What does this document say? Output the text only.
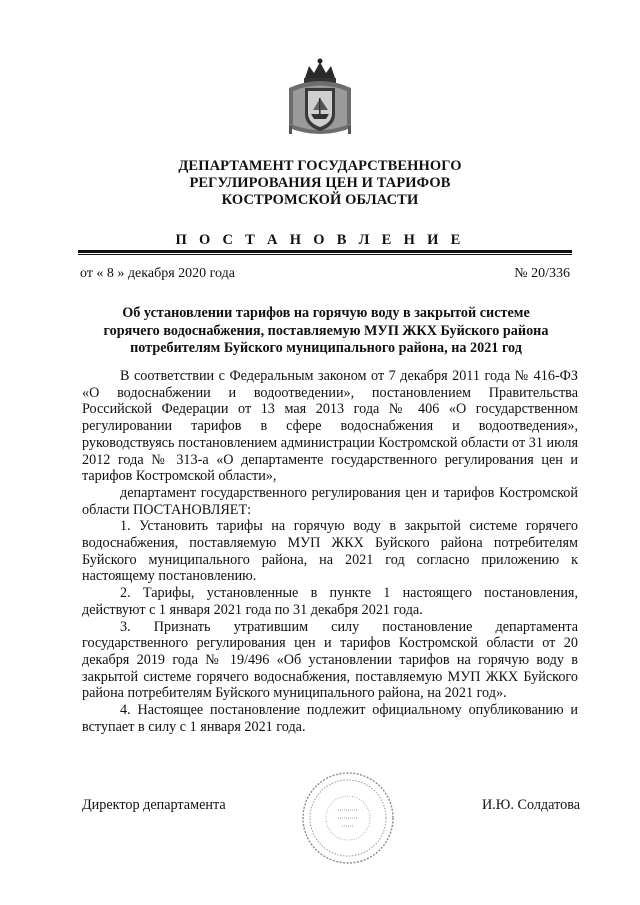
ДЕПАРТАМЕНТ ГОСУДАРСТВЕННОГО
РЕГУЛИРОВАНИЯ ЦЕН И ТАРИФОВ
КОСТРОМСКОЙ ОБЛАСТИ
П О С Т А Н О В Л Е Н И Е
от « 8 » декабря 2020 года	№ 20/336
Об установлении тарифов на горячую воду в закрытой системе
горячего водоснабжения, поставляемую МУП ЖКХ Буйского района
потребителям Буйского муниципального района, на 2021 год

В соответствии с Федеральным законом от 7 декабря 2011 года № 416-ФЗ «О водоснабжении и водоотведении», постановлением Правительства Российской Федерации от 13 мая 2013 года № 406 «О государственном регулировании тарифов в сфере водоснабжения и водоотведения», руководствуясь постановлением администрации Костромской области от 31 июля 2012 года № 313-а «О департаменте государственного регулирования цен и тарифов Костромской области»,

департамент государственного регулирования цен и тарифов Костромской области ПОСТАНОВЛЯЕТ:

1. Установить тарифы на горячую воду в закрытой системе горячего водоснабжения, поставляемую МУП ЖКХ Буйского района потребителям Буйского муниципального района, на 2021 год согласно приложению к настоящему постановлению.

2. Тарифы, установленные в пункте 1 настоящего постановления, действуют с 1 января 2021 года по 31 декабря 2021 года.

3. Признать утратившим силу постановление департамента государственного регулирования цен и тарифов Костромской области от 20 декабря 2019 года № 19/496 «Об установлении тарифов на горячую воду в закрытой системе горячего водоснабжения, поставляемую МУП ЖКХ Буйского района потребителям Буйского муниципального района, на 2021 год».

4. Настоящее постановление подлежит официальному опубликованию и вступает в силу с 1 января 2021 года.

Директор департамента	И.Ю. Солдатова
